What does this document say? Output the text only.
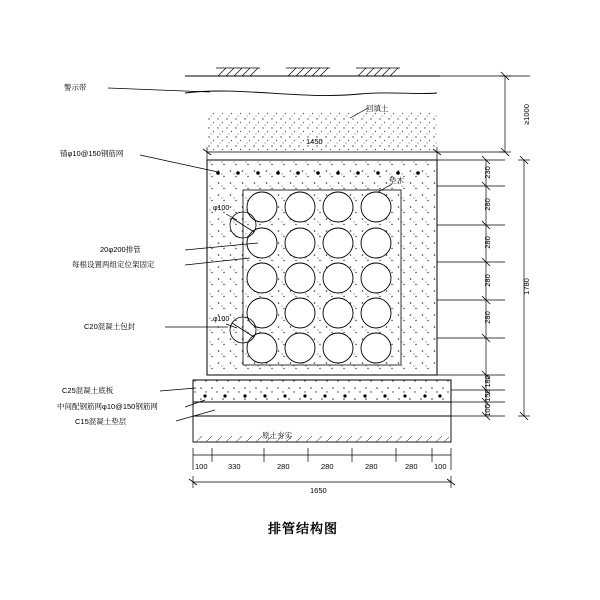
警示带
回填土
锚φ10@150钢筋网
垫木
20φ200排管
每根设置两组定位架固定
C20混凝土包封
C25混凝土底板
中间配钢筋网φ10@150钢筋网
C15混凝土垫层
原土夯实
φ100
φ100
1450
1650
100	330	280	280	280	280 100
230
280
280
280
280
180
150
100
1780
≥1000
排管结构图
